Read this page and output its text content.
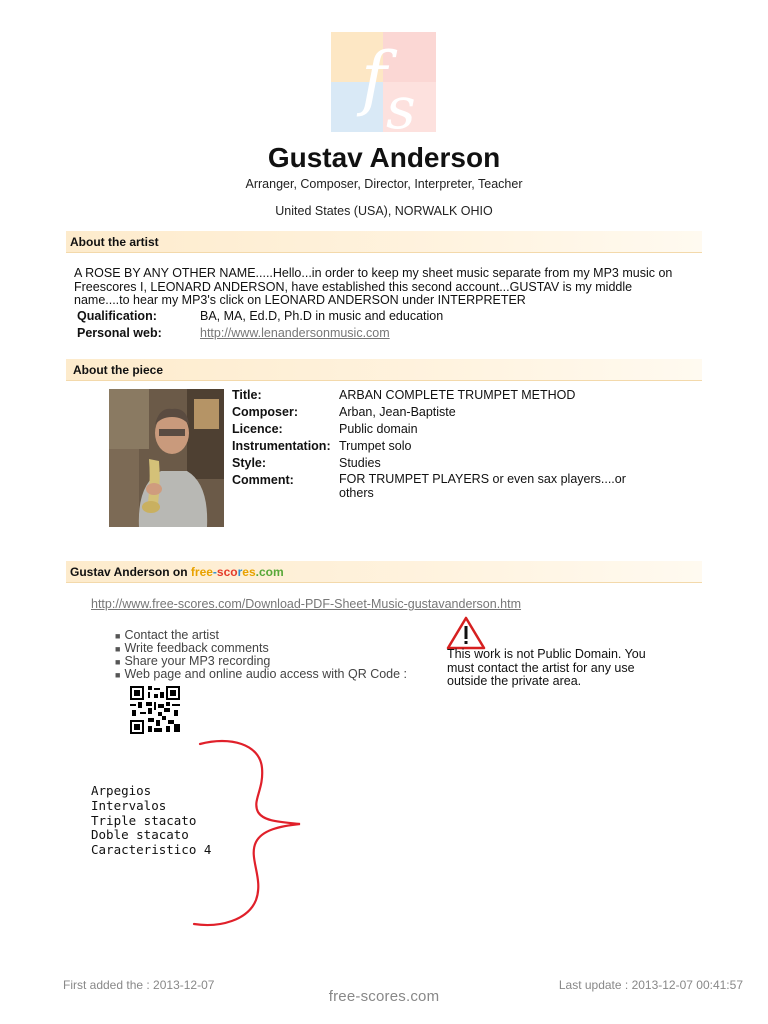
f s
Gustav Anderson
Arranger, Composer, Director, Interpreter, Teacher
United States (USA), NORWALK OHIO
About the artist
A ROSE BY ANY OTHER NAME.....Hello...in order to keep my sheet music separate from my MP3 music on
Freescores I, LEONARD ANDERSON, have established this second account...GUSTAV is my middle
name....to hear my MP3's click on LEONARD ANDERSON under INTERPRETER
Qualification:	BA, MA, Ed.D, Ph.D in music and education
Personal web:	http://www.lenandersonmusic.com
About the piece
Title:	ARBAN COMPLETE TRUMPET METHOD
Composer:	Arban, Jean-Baptiste
Licence:	Public domain
Instrumentation: Trumpet solo
Style:	Studies
Comment:	FOR TRUMPET PLAYERS or even sax players....or
others
Gustav Anderson on free-scores.com
http://www.free-scores.com/Download-PDF-Sheet-Music-gustavanderson.htm
■ Contact the artist
■ Write feedback comments
■ Share your MP3 recording
■ Web page and online audio access with QR Code :
This work is not Public Domain. You
must contact the artist for any use
outside the private area.
Arpegios
Intervalos
Triple stacato
Doble stacato
Caracteristico 4
First added the : 2013-12-07	Last update : 2013-12-07 00:41:57
free-scores.com
